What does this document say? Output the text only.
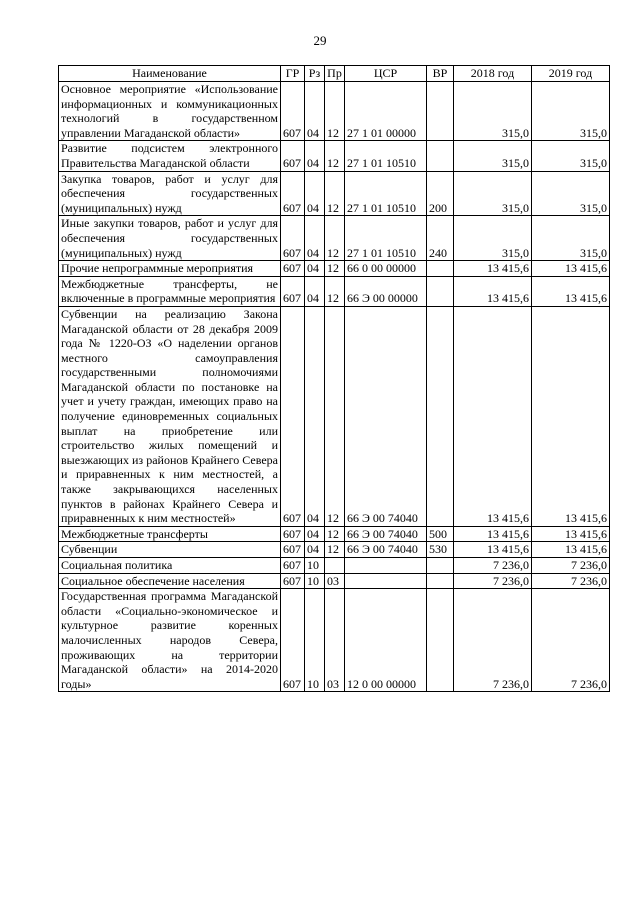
29
Наименование	ГР	Рз	Пр	ЦСР	ВР	2018 год	2019 год
Основное мероприятие «Использование информационных и коммуникационных технологий в государственном управлении Магаданской области»	607	04	12	27 1 01 00000		315,0	315,0
Развитие подсистем электронного Правительства Магаданской области	607	04	12	27 1 01 10510		315,0	315,0
Закупка товаров, работ и услуг для обеспечения государственных (муниципальных) нужд	607	04	12	27 1 01 10510	200	315,0	315,0
Иные закупки товаров, работ и услуг для обеспечения государственных (муниципальных) нужд	607	04	12	27 1 01 10510	240	315,0	315,0
Прочие непрограммные мероприятия	607	04	12	66 0 00 00000		13 415,6	13 415,6
Межбюджетные трансферты, не включенные в программные мероприятия	607	04	12	66 Э 00 00000		13 415,6	13 415,6
Субвенции на реализацию Закона Магаданской области от 28 декабря 2009 года № 1220-ОЗ «О наделении органов местного самоуправления государственными полномочиями Магаданской области по постановке на учет и учету граждан, имеющих право на получение единовременных социальных выплат на приобретение или строительство жилых помещений и выезжающих из районов Крайнего Севера и приравненных к ним местностей, а также закрывающихся населенных пунктов в районах Крайнего Севера и приравненных к ним местностей»	607	04	12	66 Э 00 74040		13 415,6	13 415,6
Межбюджетные трансферты	607	04	12	66 Э 00 74040	500	13 415,6	13 415,6
Субвенции	607	04	12	66 Э 00 74040	530	13 415,6	13 415,6
Социальная политика	607	10				7 236,0	7 236,0
Социальное обеспечение населения	607	10	03			7 236,0	7 236,0
Государственная программа Магаданской области «Социально-экономическое и культурное развитие коренных малочисленных народов Севера, проживающих на территории Магаданской области» на 2014-2020 годы»	607	10	03	12 0 00 00000		7 236,0	7 236,0
